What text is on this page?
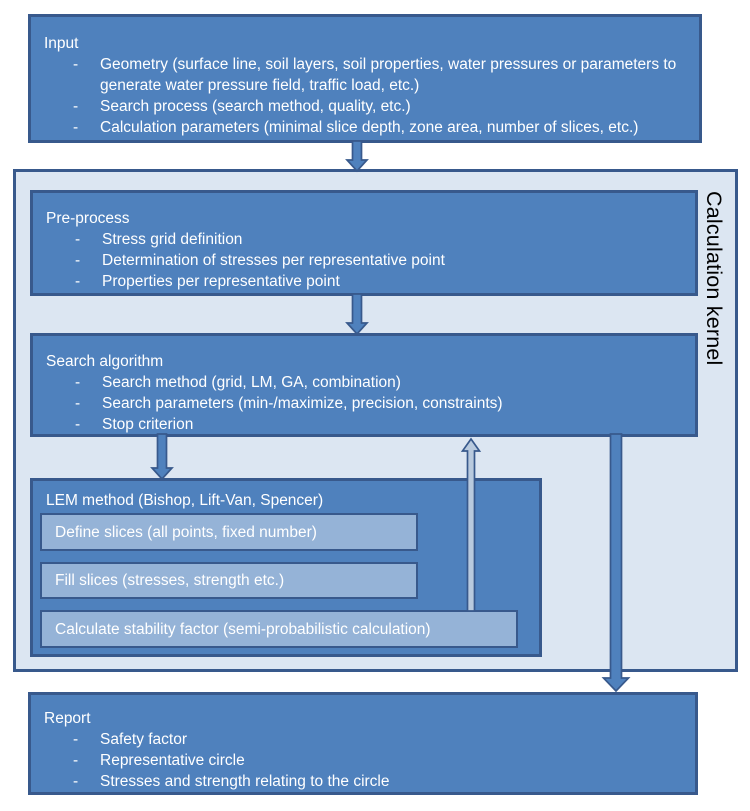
Input
-	Geometry (surface line, soil layers, soil properties, water pressures or parameters to generate water pressure field, traffic load, etc.)
-	Search process (search method, quality, etc.)
-	Calculation parameters (minimal slice depth, zone area, number of slices, etc.)
Calculation kernel
Pre-process
-	Stress grid definition
-	Determination of stresses per representative point
-	Properties per representative point
Search algorithm
-	Search method (grid, LM, GA, combination)
-	Search parameters (min-/maximize, precision, constraints)
-	Stop criterion
LEM method (Bishop, Lift-Van, Spencer)
Define slices (all points, fixed number)
Fill slices (stresses, strength etc.)
Calculate stability factor (semi-probabilistic calculation)
Report
-	Safety factor
-	Representative circle
-	Stresses and strength relating to the circle
